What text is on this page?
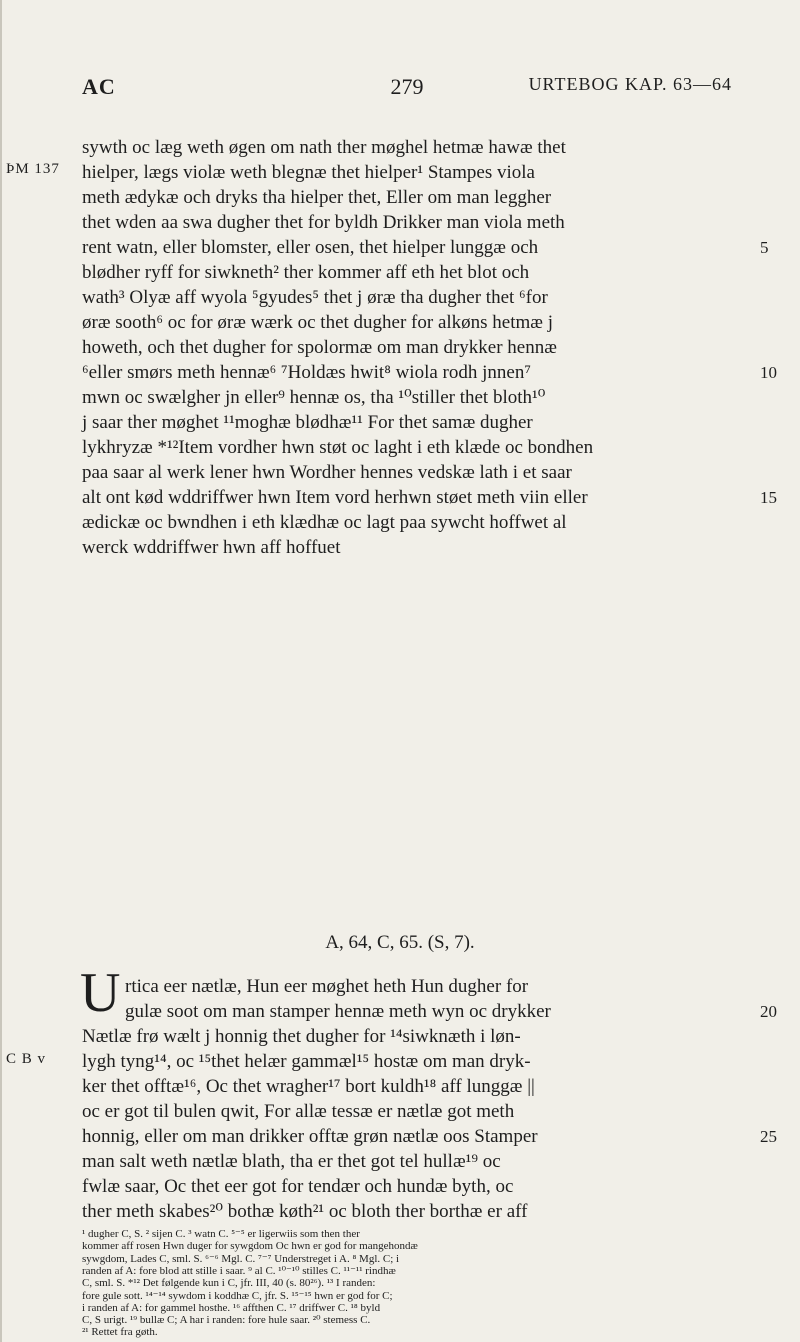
AC	279	URTEBOG KAP. 63—64
ÞM 137
C B v
sywth oc læg weth øgen om nath ther møghel hetmæ hawæ thet
hielper, lægs violæ weth blegnæ thet hielper¹ Stampes viola
meth ædykæ och dryks tha hielper thet, Eller om man leggher
thet wden aa swa dugher thet for byldh Drikker man viola meth
rent watn, eller blomster, eller osen, thet hielper lunggæ och
blødher ryff for siwkneth² ther kommer aff eth het blot och
wath³ Olyæ aff wyola ⁵gyudes⁵ thet j øræ tha dugher thet ⁶for
øræ sooth⁶ oc for øræ wærk oc thet dugher for alkøns hetmæ j
howeth, och thet dugher for spolormæ om man drykker hennæ
⁶eller smørs meth hennæ⁶ ⁷Holdæs hwit⁸ wiola rodh jnnen⁷
mwn oc swælgher jn eller⁹ hennæ os, tha ¹⁰stiller thet bloth¹⁰
j saar ther møghet ¹¹moghæ blødhæ¹¹ For thet samæ dugher
lykhryzæ *¹²Item vordher hwn støt oc laght i eth klæde oc bondhen
paa saar al werk lener hwn Wordher hennes vedskæ lath i et saar
alt ont kød wddriffwer hwn Item vord herhwn støet meth viin eller
ædickæ oc bwndhen i eth klædhæ oc lagt paa sywcht hoffwet al
werck wddriffwer hwn aff hoffuet
5
10
15
20
25
A, 64, C, 65. (S, 7).
U rtica eer nætlæ, Hun eer møghet heth Hun dugher for
gulæ soot om man stamper hennæ meth wyn oc drykker
Nætlæ frø wælt j honnig thet dugher for ¹⁴siwknæth i løn-
lygh tyng¹⁴, oc ¹⁵thet helær gammæl¹⁵ hostæ om man dryk-
ker thet offtæ¹⁶, Oc thet wragher¹⁷ bort kuldh¹⁸ aff lunggæ ||
oc er got til bulen qwit, For allæ tessæ er nætlæ got meth
honnig, eller om man drikker offtæ grøn nætlæ oos Stamper
man salt weth nætlæ blath, tha er thet got tel hullæ¹⁹ oc
fwlæ saar, Oc thet eer got for tendær och hundæ byth, oc
ther meth skabes²⁰ bothæ køth²¹ oc bloth ther borthæ er aff
¹ dugher C, S. ² sijen C. ³ watn C. ⁵⁻⁵ er ligerwiis som then ther
kommer aff rosen Hwn duger for sywgdom Oc hwn er god for mangehondæ
sywgdom, Lades C, sml. S. ⁶⁻⁶ Mgl. C. ⁷⁻⁷ Understreget i A. ⁸ Mgl. C; i
randen af A: fore blod att stille i saar. ⁹ al C. ¹⁰⁻¹⁰ stilles C. ¹¹⁻¹¹ rindhæ
C, sml. S. *¹² Det følgende kun i C, jfr. III, 40 (s. 80²⁶). ¹³ I randen:
fore gule sott. ¹⁴⁻¹⁴ sywdom i koddhæ C, jfr. S. ¹⁵⁻¹⁵ hwn er god for C;
i randen af A: for gammel hosthe. ¹⁶ affthen C. ¹⁷ driffwer C. ¹⁸ byld
C, S urigt. ¹⁹ bullæ C; A har i randen: fore hule saar. ²⁰ stemess C.
²¹ Rettet fra gøth.
